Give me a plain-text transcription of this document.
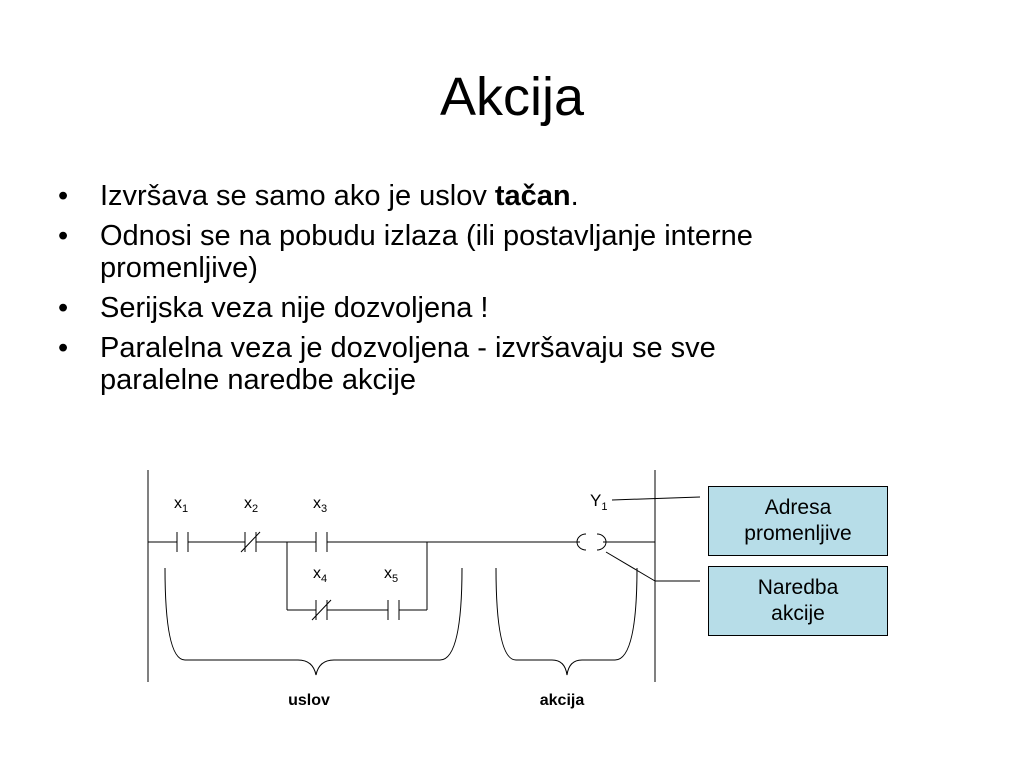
Akcija
• Izvršava se samo ako je uslov tačan.
• Odnosi se na pobudu izlaza (ili postavljanje interne
promenljive)
• Serijska veza nije dozvoljena !
• Paralelna veza je dozvoljena - izvršavaju se sve
paralelne naredbe akcije
$x_1$	$x_2$	$x_3$
$x_4$	$x_5$
$Y_1$
uslov	akcija
Adresa
promenljive
Naredba
akcije
